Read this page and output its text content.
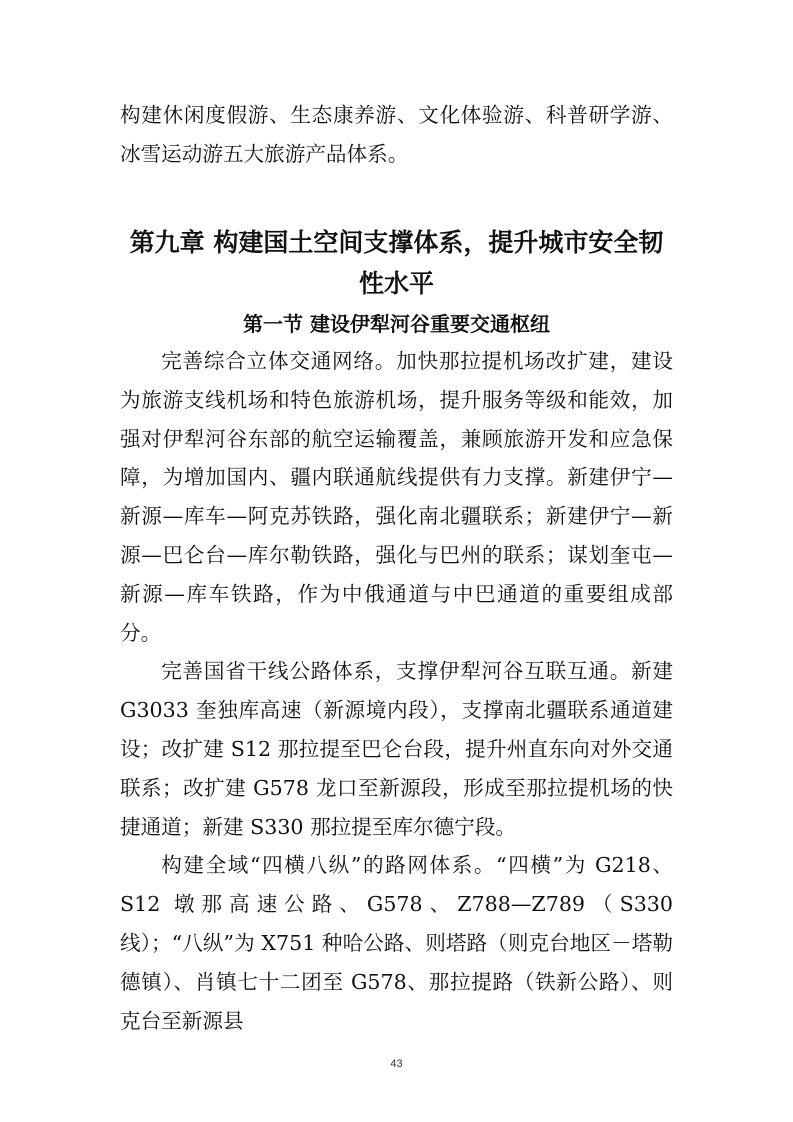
构建休闲度假游、生态康养游、文化体验游、科普研学游、冰雪运动游五大旅游产品体系。
第九章 构建国土空间支撑体系，提升城市安全韧性水平
第一节 建设伊犁河谷重要交通枢纽
完善综合立体交通网络。加快那拉提机场改扩建，建设为旅游支线机场和特色旅游机场，提升服务等级和能效，加强对伊犁河谷东部的航空运输覆盖，兼顾旅游开发和应急保障，为增加国内、疆内联通航线提供有力支撑。新建伊宁—新源—库车—阿克苏铁路，强化南北疆联系；新建伊宁—新源—巴仑台—库尔勒铁路，强化与巴州的联系；谋划奎屯—新源—库车铁路，作为中俄通道与中巴通道的重要组成部分。
完善国省干线公路体系，支撑伊犁河谷互联互通。新建G3033 奎独库高速（新源境内段），支撑南北疆联系通道建设；改扩建 S12 那拉提至巴仑台段，提升州直东向对外交通联系；改扩建 G578 龙口至新源段，形成至那拉提机场的快捷通道；新建 S330 那拉提至库尔德宁段。
构建全域“四横八纵”的路网体系。“四横”为 G218、S12 墩那高速公路、G578、Z788—Z789（S330 线）；“八纵”为 X751 种哈公路、则塔路（则克台地区－塔勒德镇）、肖镇七十二团至 G578、那拉提路（铁新公路）、则克台至新源县
43
